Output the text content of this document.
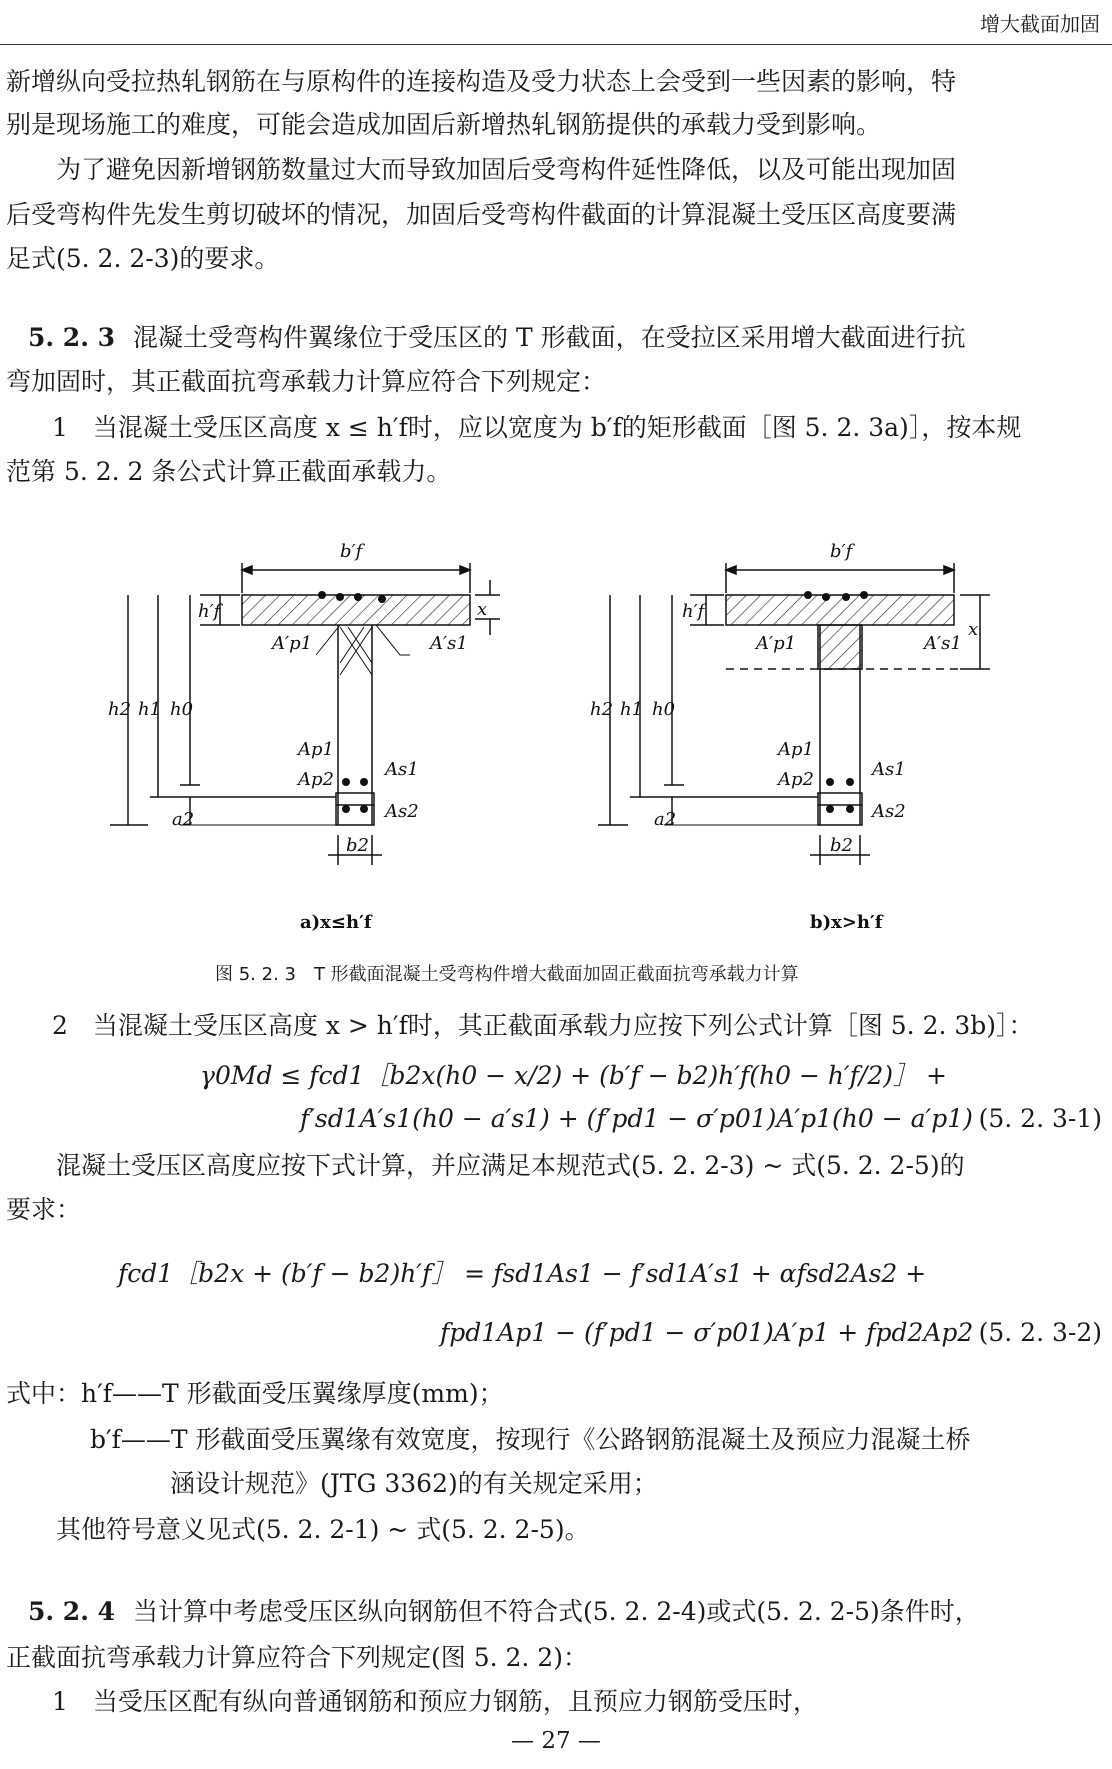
增大截面加固
新增纵向受拉热轧钢筋在与原构件的连接构造及受力状态上会受到一些因素的影响，特
别是现场施工的难度，可能会造成加固后新增热轧钢筋提供的承载力受到影响。
为了避免因新增钢筋数量过大而导致加固后受弯构件延性降低，以及可能出现加固
后受弯构件先发生剪切破坏的情况，加固后受弯构件截面的计算混凝土受压区高度要满
足式(5. 2. 2-3)的要求。
5. 2. 3 混凝土受弯构件翼缘位于受压区的 T 形截面，在受拉区采用增大截面进行抗
弯加固时，其正截面抗弯承载力计算应符合下列规定：
1　当混凝土受压区高度 x ≤ h′f时，应以宽度为 b′f的矩形截面［图 5. 2. 3a)］，按本规
范第 5. 2. 2 条公式计算正截面承载力。
b′f
x
h′f
A′p1	A′s1
h2 h1 h0
Ap1
Ap2	As1
As2
a2
b2
a)x≤h′f
b′f
x
h′f
A′p1	A′s1
h2 h1 h0
Ap1
Ap2	As1
As2
a2
b2
b)x>h′f
图 5. 2. 3　T 形截面混凝土受弯构件增大截面加固正截面抗弯承载力计算
2　当混凝土受压区高度 x > h′f时，其正截面承载力应按下列公式计算［图 5. 2. 3b)］：
γ0Md ≤ fcd1［b2x(h0 − x/2) + (b′f − b2)h′f(h0 − h′f/2)］ +
f′sd1A′s1(h0 − a′s1) + (f′pd1 − σ′p01)A′p1(h0 − a′p1) (5. 2. 3-1)
混凝土受压区高度应按下式计算，并应满足本规范式(5. 2. 2-3) ~ 式(5. 2. 2-5)的
要求：
fcd1［b2x + (b′f − b2)h′f］ = fsd1As1 − f′sd1A′s1 + αfsd2As2 +
fpd1Ap1 − (f′pd1 − σ′p01)A′p1 + fpd2Ap2 (5. 2. 3-2)
式中：h′f——T 形截面受压翼缘厚度(mm)；
b′f——T 形截面受压翼缘有效宽度，按现行《公路钢筋混凝土及预应力混凝土桥
涵设计规范》(JTG 3362)的有关规定采用；
其他符号意义见式(5. 2. 2-1) ~ 式(5. 2. 2-5)。
5. 2. 4 当计算中考虑受压区纵向钢筋但不符合式(5. 2. 2-4)或式(5. 2. 2-5)条件时，
正截面抗弯承载力计算应符合下列规定(图 5. 2. 2)：
1　当受压区配有纵向普通钢筋和预应力钢筋，且预应力钢筋受压时，
— 27 —
